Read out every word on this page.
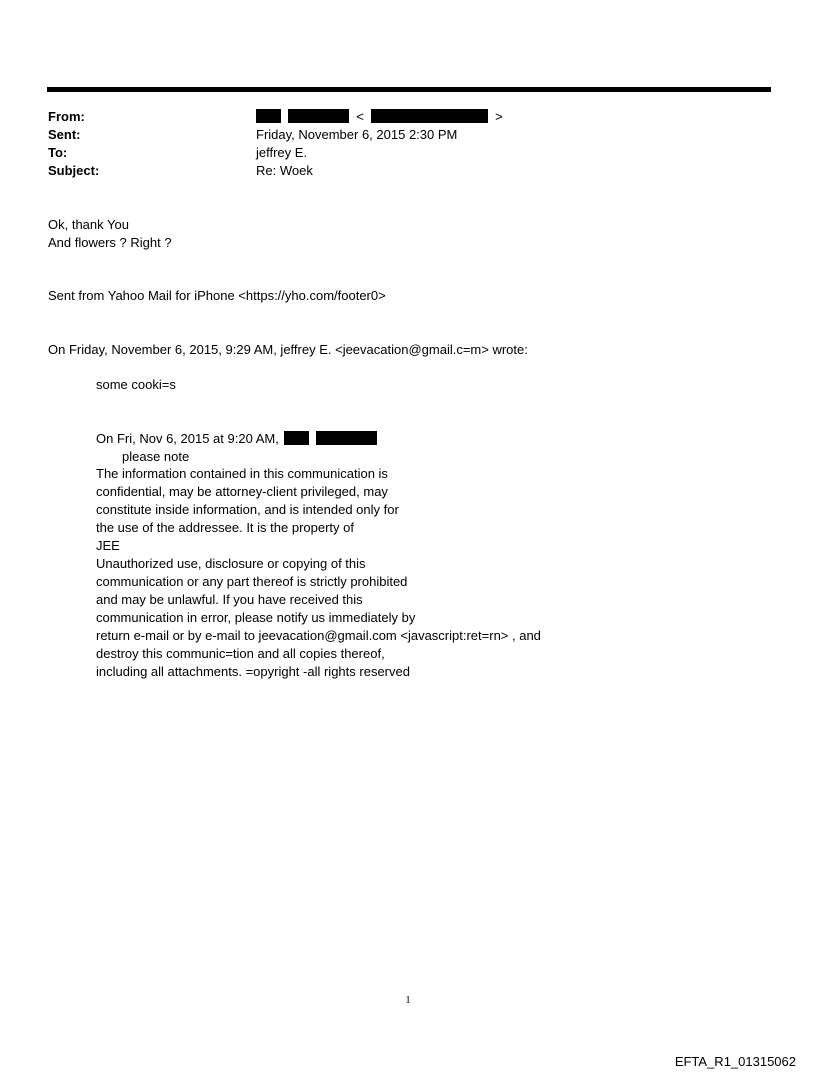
From:
Sent:
To:
Subject:
<	>
Friday, November 6, 2015 2:30 PM
jeffrey E.
Re: Woek
Ok, thank You
And flowers ? Right ?
Sent from Yahoo Mail for iPhone <https://yho.com/footer0>
On Friday, November 6, 2015, 9:29 AM, jeffrey E. <jeevacation@gmail.c=m> wrote:
some cooki=s
On Fri, Nov 6, 2015 at 9:20 AM,
please note
The information contained in this communication is
confidential, may be attorney-client privileged, may
constitute inside information, and is intended only for
the use of the addressee. It is the property of
JEE
Unauthorized use, disclosure or copying of this
communication or any part thereof is strictly prohibited
and may be unlawful. If you have received this
communication in error, please notify us immediately by
return e-mail or by e-mail to jeevacation@gmail.com <javascript:ret=rn> , and
destroy this communic=tion and all copies thereof,
including all attachments. =opyright -all rights reserved
1
EFTA_R1_01315062
